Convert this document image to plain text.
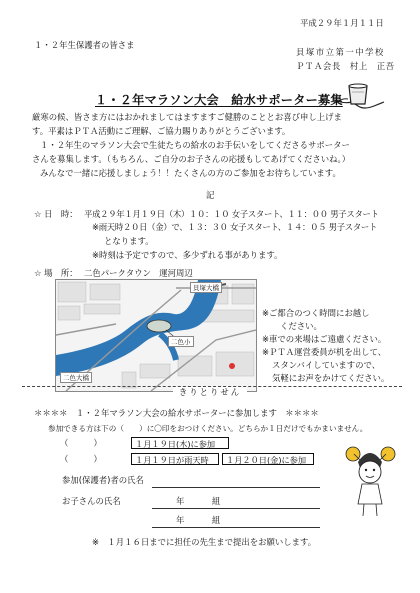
平成２９年１月１１日
１・２年生保護者の皆さま
貝塚市立第一中学校
ＰＴＡ会長　村上　正吾
１・２年マラソン大会　給水サポーター募集
厳寒の候、皆さま方にはおかれましてはますますご健勝のこととお喜び申し上げま
す。平素はＰＴＡ活動にご理解、ご協力賜りありがとうございます。
１・２年生のマラソン大会で生徒たちの給水のお手伝いをしてくださるサポーター
さんを募集します。（もちろん、ご自分のお子さんの応援もしてあげてくださいね。）
みんなで一緒に応援しましょう！！たくさんの方のご参加をお待ちしています。
記
☆ 日　時： 平成２９年１月１９日（木）１０：１０ 女子スタート、１１：００ 男子スタート
※雨天時２０日（金）で、１３：３０ 女子スタート、１４：０５ 男子スタート
となります。
※時刻は予定ですので、多少ずれる事があります。
☆ 場　所： 二色パークタウン　運河周辺
貝塚大橋
二色小
二色大橋
※ご都合のつく時間にお越し
ください。
※車での来場はご遠慮ください。
※ＰＴＡ運営委員が机を出して、
スタンバイしていますので、
気軽にお声をかけてください。
きりとりせん
＊＊＊＊　１・２年マラソン大会の給水サポーターに参加します　＊＊＊＊
参加できる方は下の（　　）に〇印をおつけください。どちらか１日だけでもかまいません。
（　　　）	１月１９日(木)に参加
（　　　）	１月１９日が雨天時	１月２０日(金)に参加
参加(保護者)者の氏名
お子さんの氏名	年	組
年	組
※　１月１６日までに担任の先生まで提出をお願いします。
